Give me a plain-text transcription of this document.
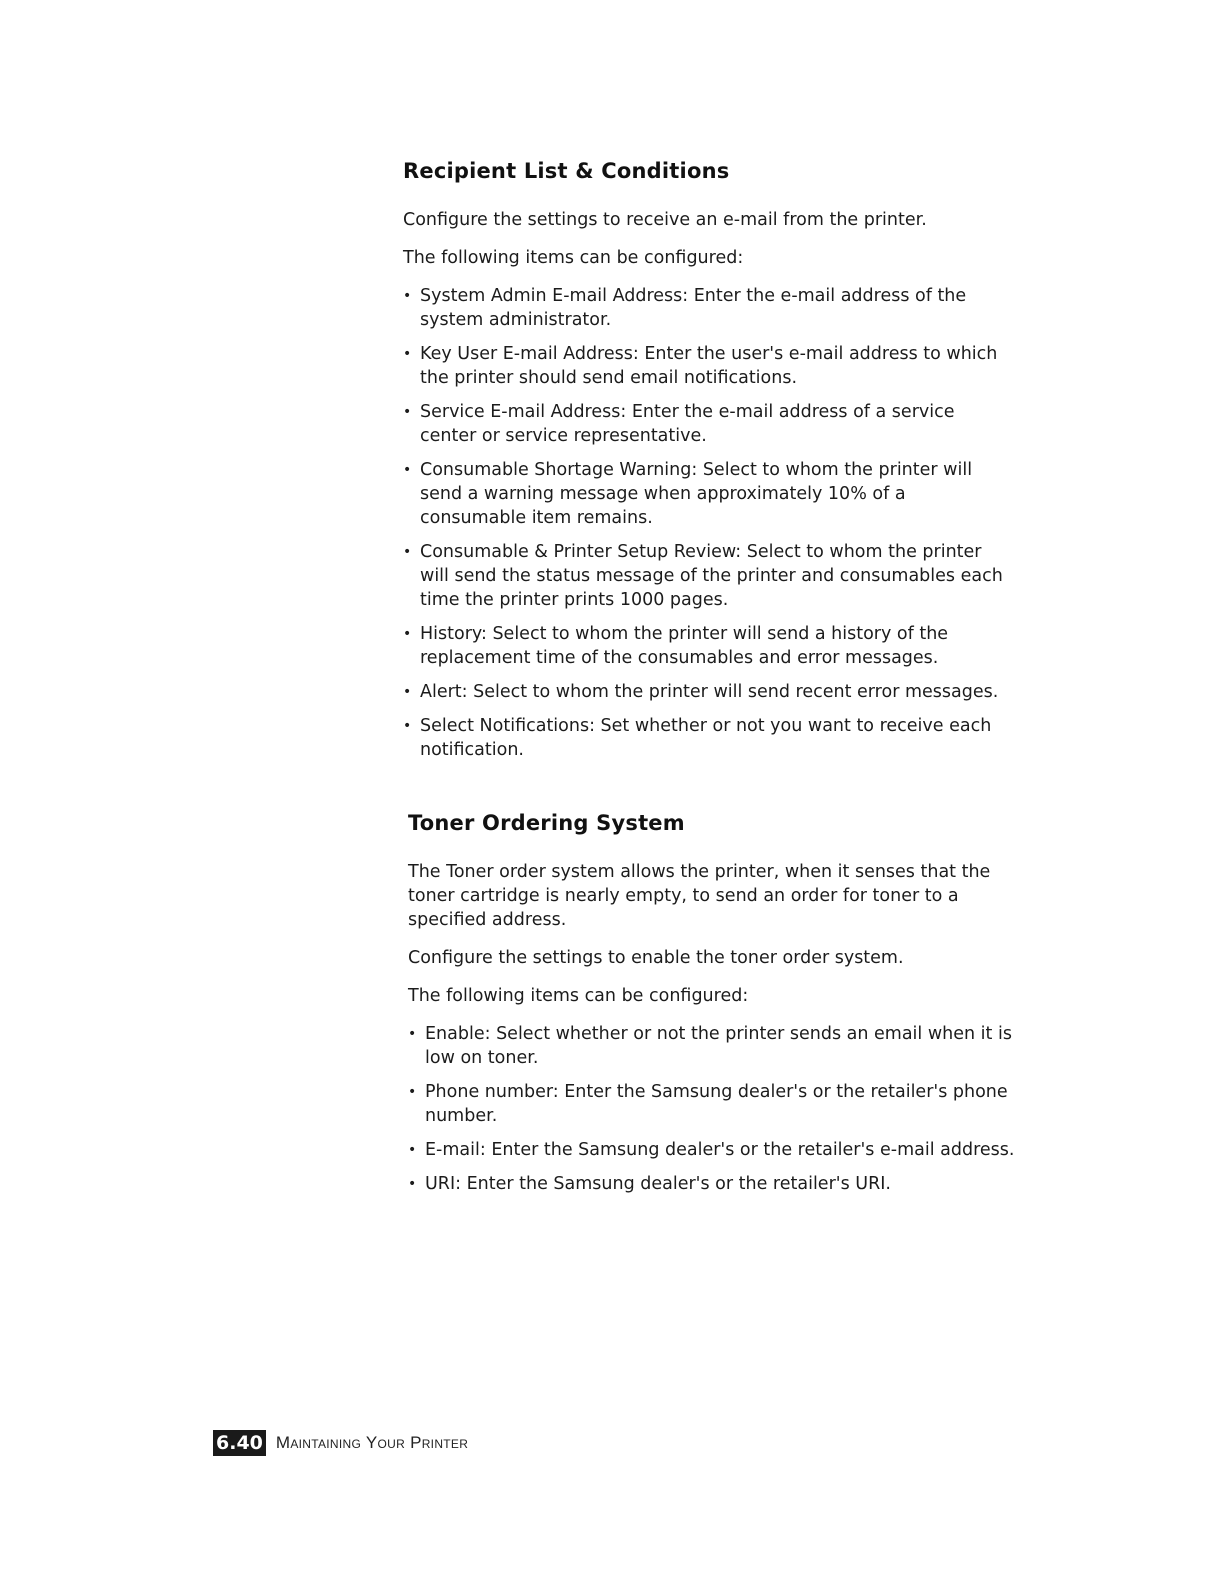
Recipient List & Conditions

Configure the settings to receive an e-mail from the printer.

The following items can be configured:

• System Admin E-mail Address: Enter the e-mail address of the system administrator.
• Key User E-mail Address: Enter the user's e-mail address to which the printer should send email notifications.
• Service E-mail Address: Enter the e-mail address of a service center or service representative.
• Consumable Shortage Warning: Select to whom the printer will send a warning message when approximately 10% of a consumable item remains.
• Consumable & Printer Setup Review: Select to whom the printer will send the status message of the printer and consumables each time the printer prints 1000 pages.
• History: Select to whom the printer will send a history of the replacement time of the consumables and error messages.
• Alert: Select to whom the printer will send recent error messages.
• Select Notifications: Set whether or not you want to receive each notification.
Toner Ordering System

The Toner order system allows the printer, when it senses that the toner cartridge is nearly empty, to send an order for toner to a specified address.

Configure the settings to enable the toner order system.

The following items can be configured:

• Enable: Select whether or not the printer sends an email when it is low on toner.
• Phone number: Enter the Samsung dealer's or the retailer's phone number.
• E-mail: Enter the Samsung dealer's or the retailer's e-mail address.
• URI: Enter the Samsung dealer's or the retailer's URI.
6.40 Maintaining Your Printer
